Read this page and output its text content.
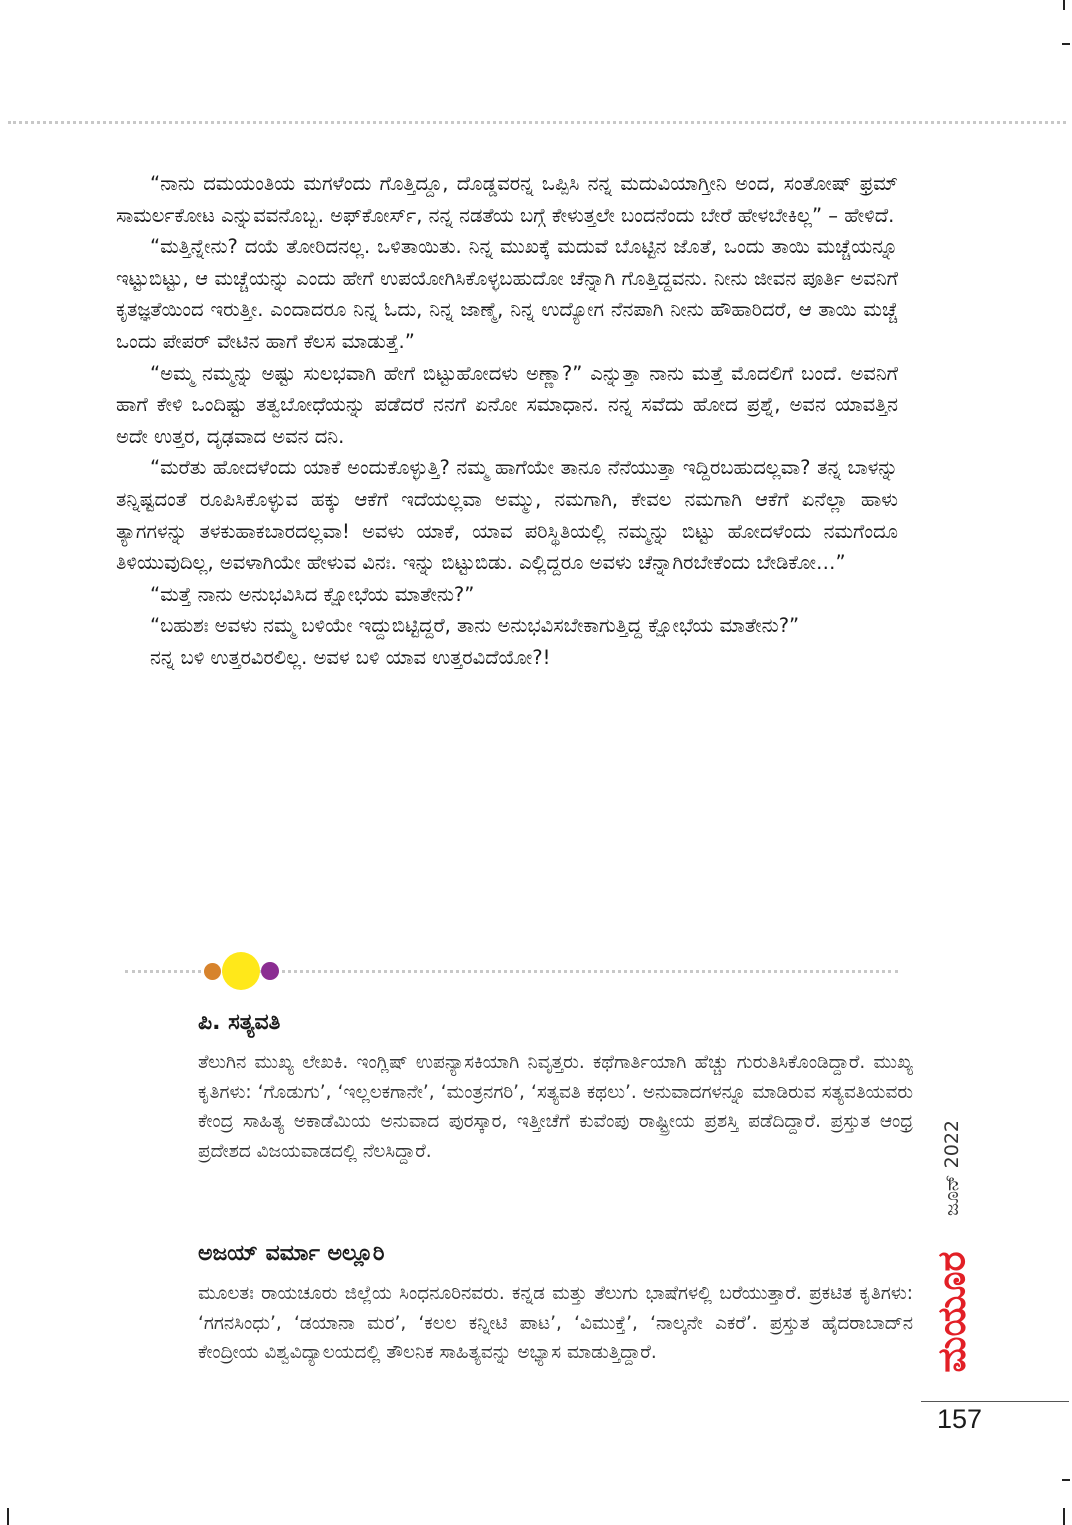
“ನಾನು ದಮಯಂತಿಯ ಮಗಳೆಂದು ಗೊತ್ತಿದ್ದೂ, ದೊಡ್ಡವರನ್ನ ಒಪ್ಪಿಸಿ ನನ್ನ ಮದುವಿಯಾಗ್ತೀನಿ ಅಂದ, ಸಂತೋಷ್ ಫ್ರಮ್ ಸಾಮರ್ಲಕೋಟ ಎನ್ನುವವನೊಬ್ಬ. ಅಫ್‌ಕೋರ್ಸ್, ನನ್ನ ನಡತೆಯ ಬಗ್ಗೆ ಕೇಳುತ್ತಲೇ ಬಂದನೆಂದು ಬೇರೆ ಹೇಳಬೇಕಿಲ್ಲ” – ಹೇಳಿದೆ.

“ಮತ್ತಿನ್ನೇನು? ದಯೆ ತೋರಿದನಲ್ಲ. ಒಳಿತಾಯಿತು. ನಿನ್ನ ಮುಖಕ್ಕೆ ಮದುವೆ ಬೊಟ್ಟಿನ ಜೊತೆ, ಒಂದು ತಾಯಿ ಮಚ್ಚೆಯನ್ನೂ ಇಟ್ಟುಬಿಟ್ಟು, ಆ ಮಚ್ಚೆಯನ್ನು ಎಂದು ಹೇಗೆ ಉಪಯೋಗಿಸಿಕೊಳ್ಳಬಹುದೋ ಚೆನ್ನಾಗಿ ಗೊತ್ತಿದ್ದವನು. ನೀನು ಜೀವನ ಪೂರ್ತಿ ಅವನಿಗೆ ಕೃತಜ್ಞತೆಯಿಂದ ಇರುತ್ತೀ. ಎಂದಾದರೂ ನಿನ್ನ ಓದು, ನಿನ್ನ ಜಾಣ್ಮೆ, ನಿನ್ನ ಉದ್ಯೋಗ ನೆನಪಾಗಿ ನೀನು ಹೌಹಾರಿದರೆ, ಆ ತಾಯಿ ಮಚ್ಚೆ ಒಂದು ಪೇಪರ್ ವೇಟಿನ ಹಾಗೆ ಕೆಲಸ ಮಾಡುತ್ತೆ.”

“ಅಮ್ಮ ನಮ್ಮನ್ನು ಅಷ್ಟು ಸುಲಭವಾಗಿ ಹೇಗೆ ಬಿಟ್ಟುಹೋದಳು ಅಣ್ಣಾ?” ಎನ್ನುತ್ತಾ ನಾನು ಮತ್ತೆ ಮೊದಲಿಗೆ ಬಂದೆ. ಅವನಿಗೆ ಹಾಗೆ ಕೇಳಿ ಒಂದಿಷ್ಟು ತತ್ವಬೋಧೆಯನ್ನು ಪಡೆದರೆ ನನಗೆ ಏನೋ ಸಮಾಧಾನ. ನನ್ನ ಸವೆದು ಹೋದ ಪ್ರಶ್ನೆ, ಅವನ ಯಾವತ್ತಿನ ಅದೇ ಉತ್ತರ, ದೃಢವಾದ ಅವನ ದನಿ.

“ಮರೆತು ಹೋದಳೆಂದು ಯಾಕೆ ಅಂದುಕೊಳ್ಳುತ್ತಿ? ನಮ್ಮ ಹಾಗೆಯೇ ತಾನೂ ನೆನೆಯುತ್ತಾ ಇದ್ದಿರಬಹುದಲ್ಲವಾ? ತನ್ನ ಬಾಳನ್ನು ತನ್ನಿಷ್ಟದಂತೆ ರೂಪಿಸಿಕೊಳ್ಳುವ ಹಕ್ಕು ಆಕೆಗೆ ಇದೆಯಲ್ಲವಾ ಅಮ್ಮು, ನಮಗಾಗಿ, ಕೇವಲ ನಮಗಾಗಿ ಆಕೆಗೆ ಏನೆಲ್ಲಾ ಹಾಳು ತ್ಯಾಗಗಳನ್ನು ತಳಕುಹಾಕಬಾರದಲ್ಲವಾ! ಅವಳು ಯಾಕೆ, ಯಾವ ಪರಿಸ್ಥಿತಿಯಲ್ಲಿ ನಮ್ಮನ್ನು ಬಿಟ್ಟು ಹೋದಳೆಂದು ನಮಗೆಂದೂ ತಿಳಿಯುವುದಿಲ್ಲ, ಅವಳಾಗಿಯೇ ಹೇಳುವ ವಿನಃ. ಇನ್ನು ಬಿಟ್ಟುಬಿಡು. ಎಲ್ಲಿದ್ದರೂ ಅವಳು ಚೆನ್ನಾಗಿರಬೇಕೆಂದು ಬೇಡಿಕೋ…”

“ಮತ್ತೆ ನಾನು ಅನುಭವಿಸಿದ ಕ್ಷೋಭೆಯ ಮಾತೇನು?”

“ಬಹುಶಃ ಅವಳು ನಮ್ಮ ಬಳಿಯೇ ಇದ್ದುಬಿಟ್ಟಿದ್ದರೆ, ತಾನು ಅನುಭವಿಸಬೇಕಾಗುತ್ತಿದ್ದ ಕ್ಷೋಭೆಯ ಮಾತೇನು?”

ನನ್ನ ಬಳಿ ಉತ್ತರವಿರಲಿಲ್ಲ. ಅವಳ ಬಳಿ ಯಾವ ಉತ್ತರವಿದೆಯೋ?!

ಪಿ. ಸತ್ಯವತಿ

ತೆಲುಗಿನ ಮುಖ್ಯ ಲೇಖಕಿ. ಇಂಗ್ಲಿಷ್ ಉಪನ್ಯಾಸಕಿಯಾಗಿ ನಿವೃತ್ತರು. ಕಥೆಗಾರ್ತಿಯಾಗಿ ಹೆಚ್ಚು ಗುರುತಿಸಿಕೊಂಡಿದ್ದಾರೆ. ಮುಖ್ಯ ಕೃತಿಗಳು: ‘ಗೊಡುಗು’, ‘ಇಲ್ಲಲಕಗಾನೇ’, ‘ಮಂತ್ರನಗರಿ’, ‘ಸತ್ಯವತಿ ಕಥಲು’. ಅನುವಾದಗಳನ್ನೂ ಮಾಡಿರುವ ಸತ್ಯವತಿಯವರು ಕೇಂದ್ರ ಸಾಹಿತ್ಯ ಅಕಾಡೆಮಿಯ ಅನುವಾದ ಪುರಸ್ಕಾರ, ಇತ್ತೀಚೆಗೆ ಕುವೆಂಪು ರಾಷ್ಟ್ರೀಯ ಪ್ರಶಸ್ತಿ ಪಡೆದಿದ್ದಾರೆ. ಪ್ರಸ್ತುತ ಆಂಧ್ರ ಪ್ರದೇಶದ ವಿಜಯವಾಡದಲ್ಲಿ ನೆಲಸಿದ್ದಾರೆ.

ಅಜಯ್ ವರ್ಮಾ ಅಲ್ಲೂರಿ

ಮೂಲತಃ ರಾಯಚೂರು ಜಿಲ್ಲೆಯ ಸಿಂಧನೂರಿನವರು. ಕನ್ನಡ ಮತ್ತು ತೆಲುಗು ಭಾಷೆಗಳಲ್ಲಿ ಬರೆಯುತ್ತಾರೆ. ಪ್ರಕಟಿತ ಕೃತಿಗಳು: ‘ಗಗನಸಿಂಧು’, ‘ಡಯಾನಾ ಮರ’, ‘ಕಲಲ ಕನ್ನೀಟಿ ಪಾಟ’, ‘ವಿಮುಕ್ತೆ’, ‘ನಾಲ್ಕನೇ ಎಕರೆ’. ಪ್ರಸ್ತುತ ಹೈದರಾಬಾದ್‌ನ ಕೇಂದ್ರೀಯ ವಿಶ್ವವಿದ್ಯಾಲಯದಲ್ಲಿ ತೌಲನಿಕ ಸಾಹಿತ್ಯವನ್ನು ಅಭ್ಯಾಸ ಮಾಡುತ್ತಿದ್ದಾರೆ.

ಜೂನ್ 2022
ಮಯೂರ
157
